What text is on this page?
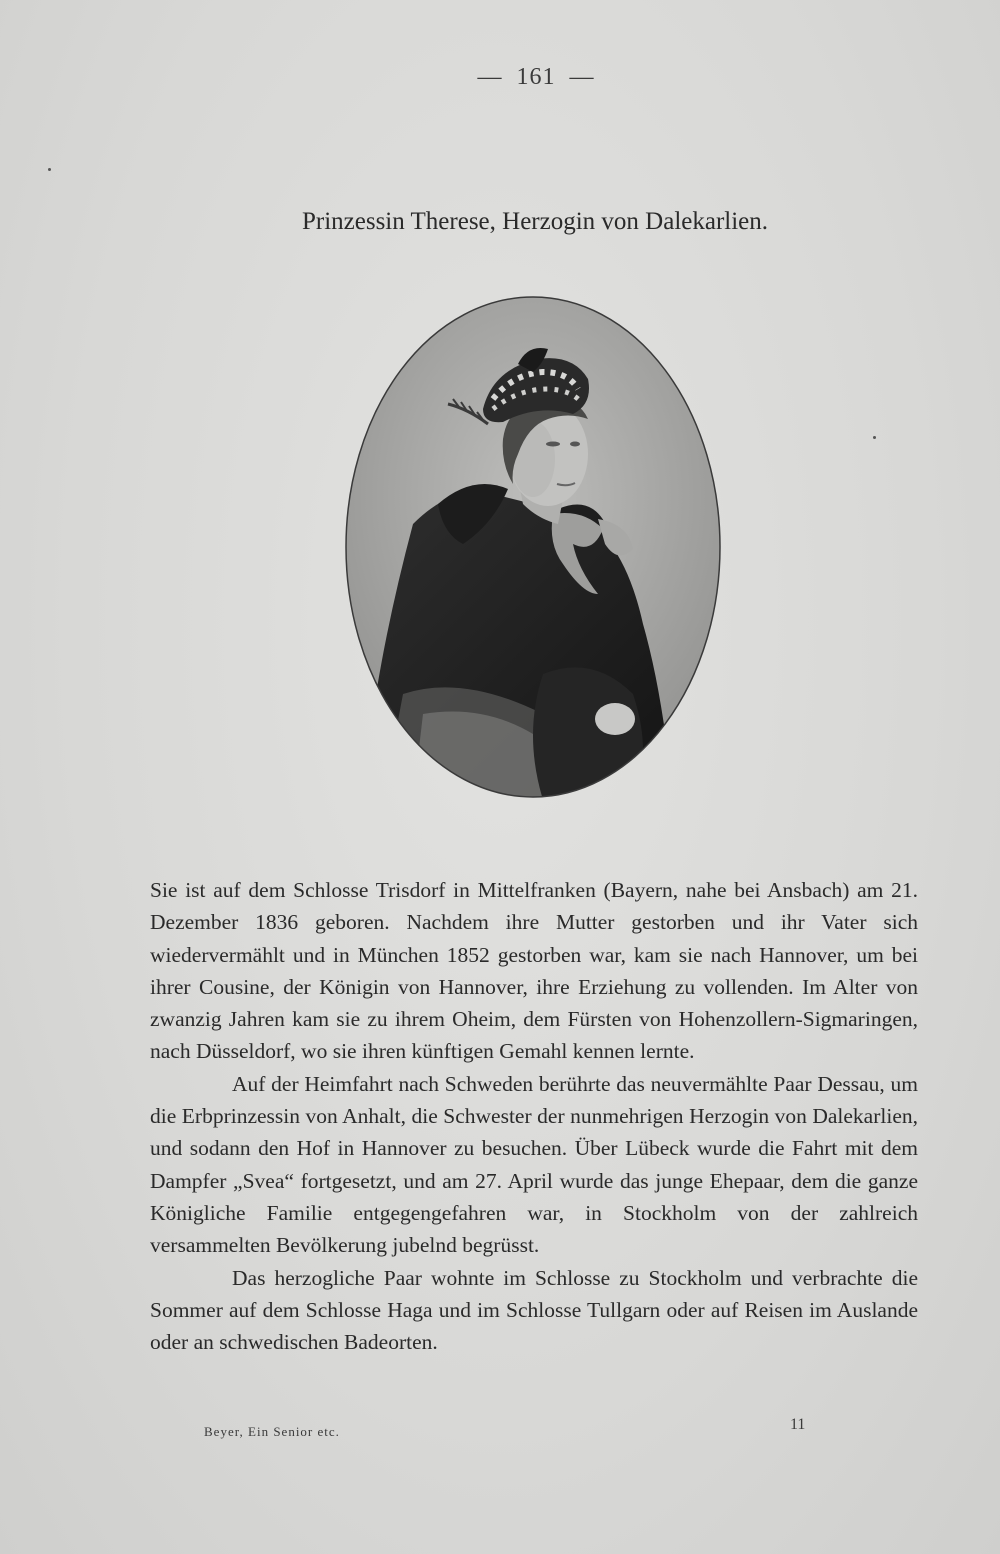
— 161 —
Prinzessin Therese, Herzogin von Dalekarlien.

Sie ist auf dem Schlosse Trisdorf in Mittelfranken (Bayern, nahe bei Ansbach) am 21. Dezember 1836 geboren. Nachdem ihre Mutter gestorben und ihr Vater sich wiedervermählt und in München 1852 gestorben war, kam sie nach Hannover, um bei ihrer Cousine, der Königin von Hannover, ihre Erziehung zu vollenden. Im Alter von zwanzig Jahren kam sie zu ihrem Oheim, dem Fürsten von Hohenzollern-Sigmaringen, nach Düsseldorf, wo sie ihren künftigen Gemahl kennen lernte.

Auf der Heimfahrt nach Schweden berührte das neuvermählte Paar Dessau, um die Erbprinzessin von Anhalt, die Schwester der nunmehrigen Herzogin von Dalekarlien, und sodann den Hof in Hannover zu besuchen. Über Lübeck wurde die Fahrt mit dem Dampfer „Svea“ fortgesetzt, und am 27. April wurde das junge Ehepaar, dem die ganze Königliche Familie entgegengefahren war, in Stockholm von der zahlreich versammelten Bevölkerung jubelnd begrüsst.

Das herzogliche Paar wohnte im Schlosse zu Stockholm und verbrachte die Sommer auf dem Schlosse Haga und im Schlosse Tullgarn oder auf Reisen im Auslande oder an schwedischen Badeorten.

Beyer, Ein Senior etc.	11
